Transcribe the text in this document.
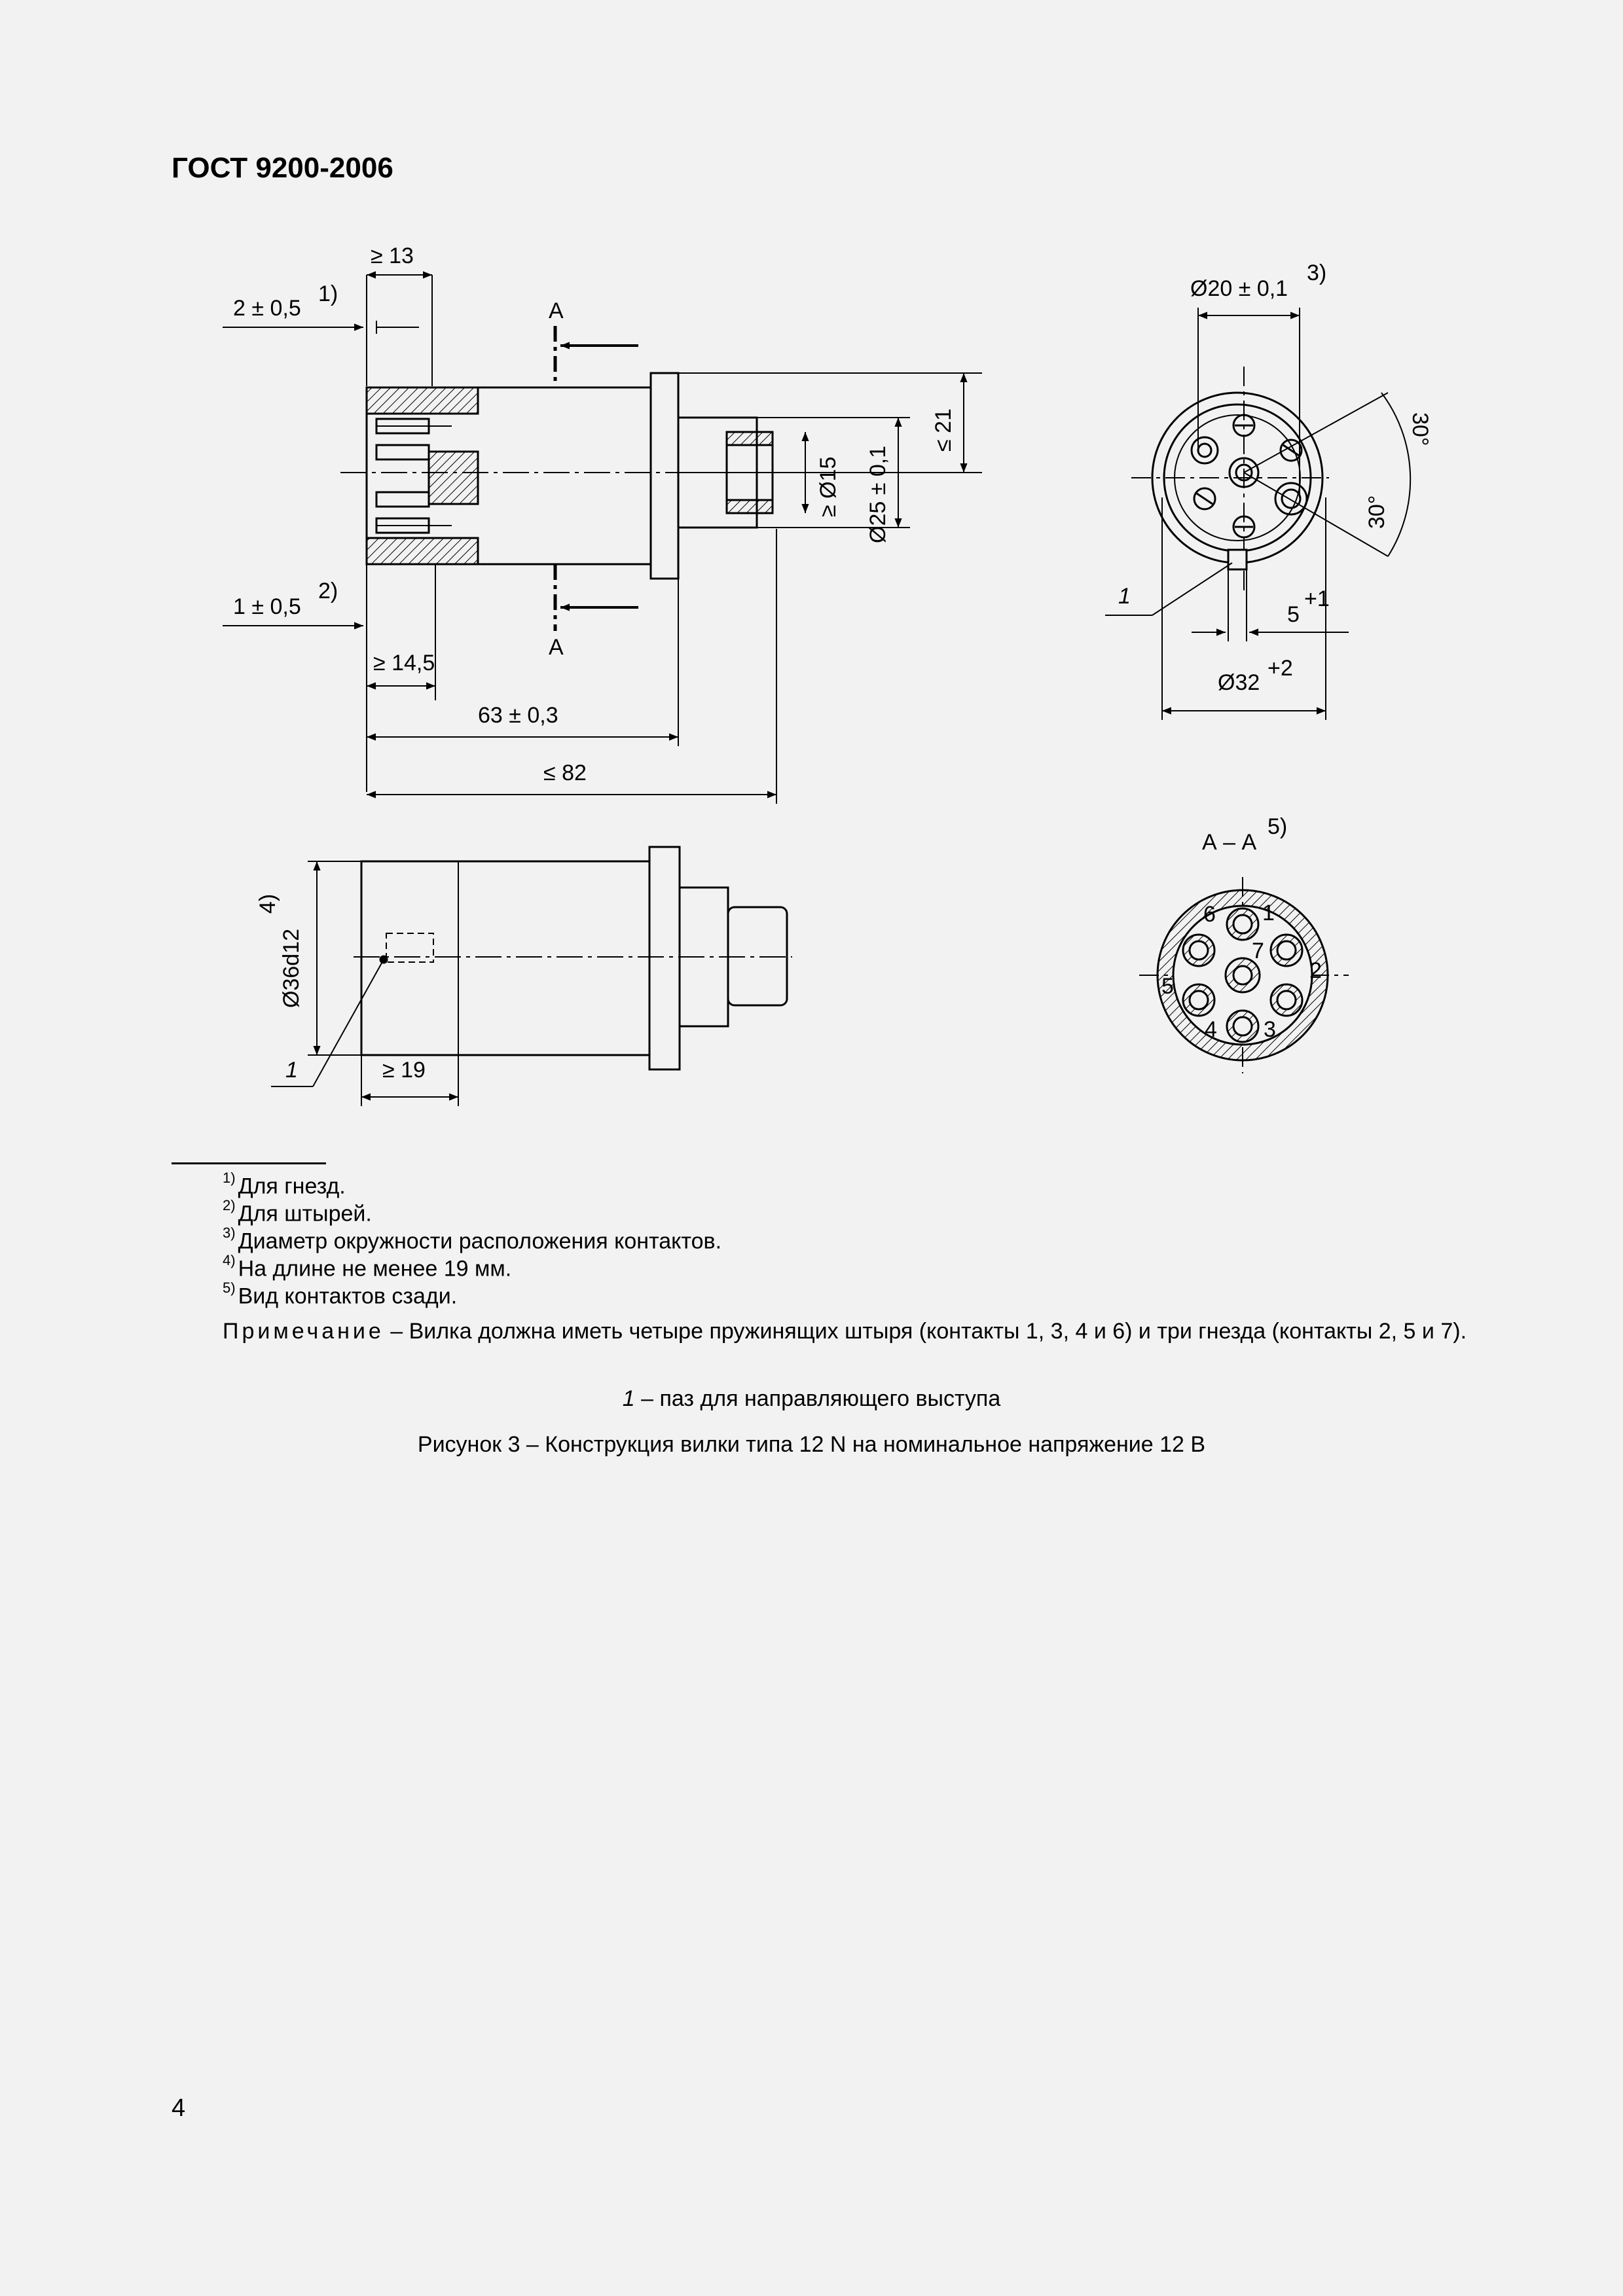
ГОСТ 9200-2006
A
A
≥ 13
2 ± 0,5
1)
1 ± 0,5
2)
≥ 14,5
63 ± 0,3
≤ 82
≤ 21
≥ Ø15 Ø25 ± 0,1
Ø20 ± 0,1
3)
30°
30°
5
+1
Ø32
+2
1
Ø36d12
4)
≥ 19
1
А – А
5)
1
2
3
4
5
6
7
$^{1)}$ Для гнезд.
$^{2)}$ Для штырей.
$^{3)}$ Диаметр окружности расположения контактов.
$^{4)}$ На длине не менее 19 мм.
$^{5)}$ Вид контактов сзади.
Примечание – Вилка должна иметь четыре пружинящих штыря (контакты 1, 3, 4 и 6) и три гнезда (контакты 2, 5 и 7).
1 – паз для направляющего выступа
Рисунок 3 – Конструкция вилки типа 12 N на номинальное напряжение 12 В
4
